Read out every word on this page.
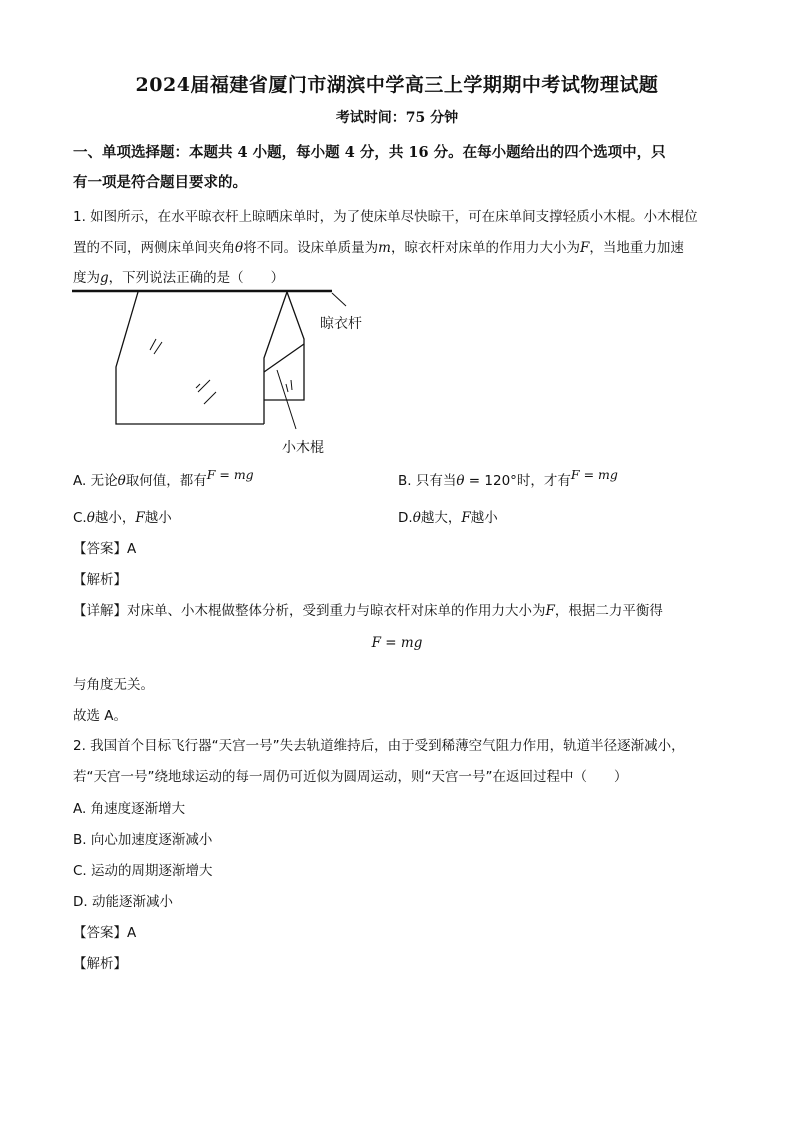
2024届福建省厦门市湖滨中学高三上学期期中考试物理试题
考试时间：75 分钟
一、单项选择题：本题共 4 小题，每小题 4 分，共 16 分。在每小题给出的四个选项中，只
有一项是符合题目要求的。
1. 如图所示，在水平晾衣杆上晾晒床单时，为了使床单尽快晾干，可在床单间支撑轻质小木棍。小木棍位
置的不同，两侧床单间夹角θ将不同。设床单质量为m，晾衣杆对床单的作用力大小为F，当地重力加速
度为g，下列说法正确的是（　　）
晾衣杆
小木棍
A. 无论θ取何值，都有F = mg	B. 只有当θ = 120°时，才有F = mg
C.θ越小，F越小	D.θ越大，F越小
【答案】A
【解析】
【详解】对床单、小木棍做整体分析，受到重力与晾衣杆对床单的作用力大小为F，根据二力平衡得
F = mg
与角度无关。
故选 A。
2. 我国首个目标飞行器“天宫一号”失去轨道维持后，由于受到稀薄空气阻力作用，轨道半径逐渐减小，
若“天宫一号”绕地球运动的每一周仍可近似为圆周运动，则“天宫一号”在返回过程中（　　）
A. 角速度逐渐增大
B. 向心加速度逐渐减小
C. 运动的周期逐渐增大
D. 动能逐渐减小
【答案】A
【解析】
